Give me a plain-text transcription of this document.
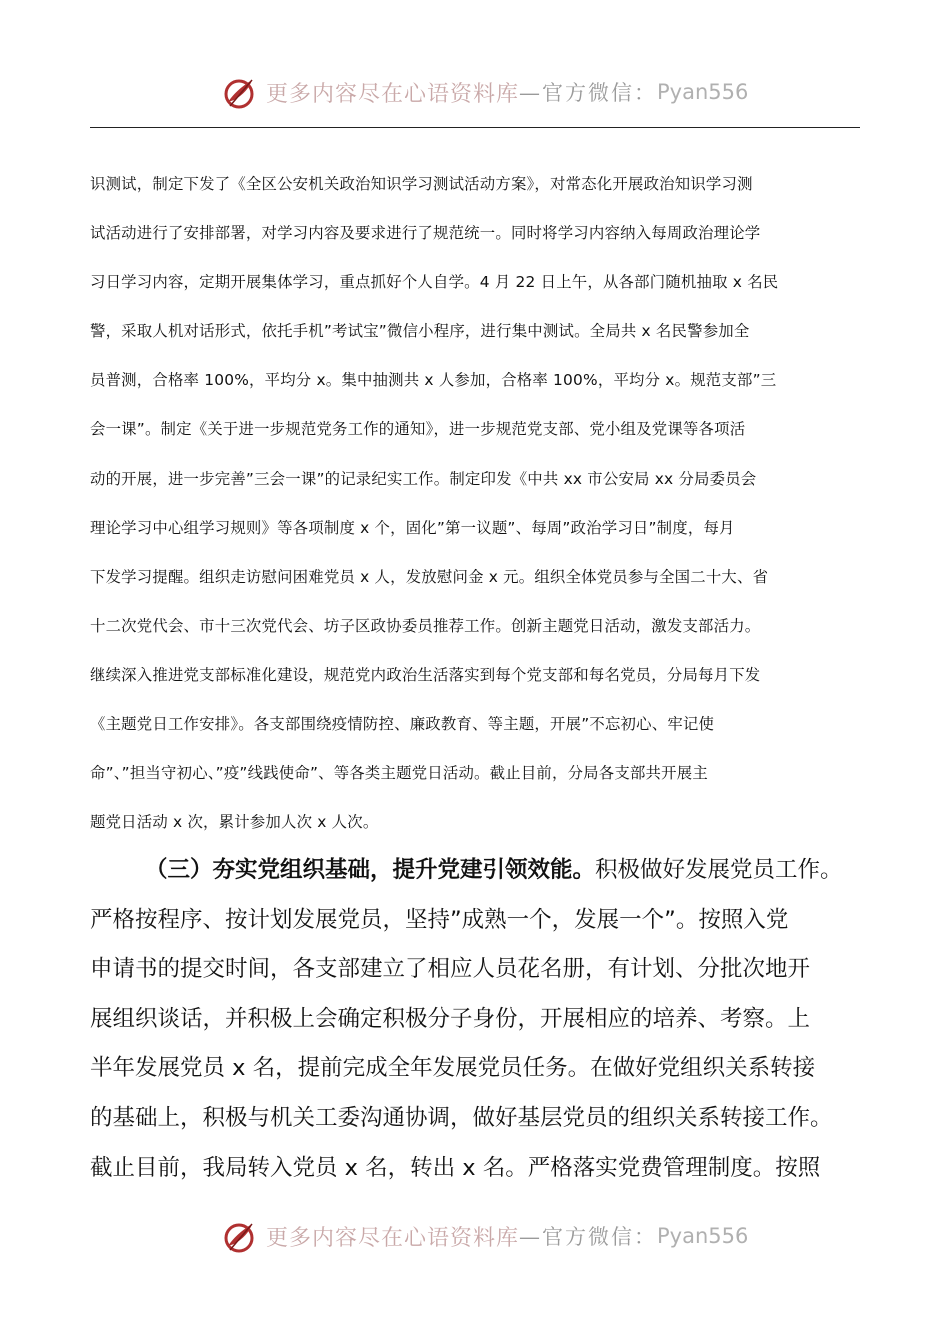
更多内容尽在心语资料库 —官方微信： Pyan556
识测试，制定下发了《全区公安机关政治知识学习测试活动方案》，对常态化开展政治知识学习测
试活动进行了安排部署，对学习内容及要求进行了规范统一。同时将学习内容纳入每周政治理论学
习日学习内容，定期开展集体学习，重点抓好个人自学。4 月 22 日上午，从各部门随机抽取 x 名民
警，采取人机对话形式，依托手机”考试宝”微信小程序，进行集中测试。全局共 x 名民警参加全
员普测，合格率 100%，平均分 x。集中抽测共 x 人参加，合格率 100%，平均分 x。规范支部”三
会一课”。制定《关于进一步规范党务工作的通知》，进一步规范党支部、党小组及党课等各项活
动的开展，进一步完善”三会一课”的记录纪实工作。制定印发《中共 xx 市公安局 xx 分局委员会
理论学习中心组学习规则》等各项制度 x 个，固化”第一议题”、每周”政治学习日”制度，每月
下发学习提醒。组织走访慰问困难党员 x 人，发放慰问金 x 元。组织全体党员参与全国二十大、省
十二次党代会、市十三次党代会、坊子区政协委员推荐工作。创新主题党日活动，激发支部活力。
继续深入推进党支部标准化建设，规范党内政治生活落实到每个党支部和每名党员，分局每月下发
《主题党日工作安排》。各支部围绕疫情防控、廉政教育、等主题，开展”不忘初心、牢记使
命”、”担当守初心、”疫”线践使命”、等各类主题党日活动。截止目前，分局各支部共开展主
题党日活动 x 次，累计参加人次 x 人次。
（三）夯实党组织基础，提升党建引领效能。积极做好发展党员工作。
严格按程序、按计划发展党员，坚持”成熟一个，发展一个”。按照入党
申请书的提交时间，各支部建立了相应人员花名册，有计划、分批次地开
展组织谈话，并积极上会确定积极分子身份，开展相应的培养、考察。上
半年发展党员 x 名，提前完成全年发展党员任务。在做好党组织关系转接
的基础上，积极与机关工委沟通协调，做好基层党员的组织关系转接工作。
截止目前，我局转入党员 x 名，转出 x 名。严格落实党费管理制度。按照
更多内容尽在心语资料库 —官方微信： Pyan556
